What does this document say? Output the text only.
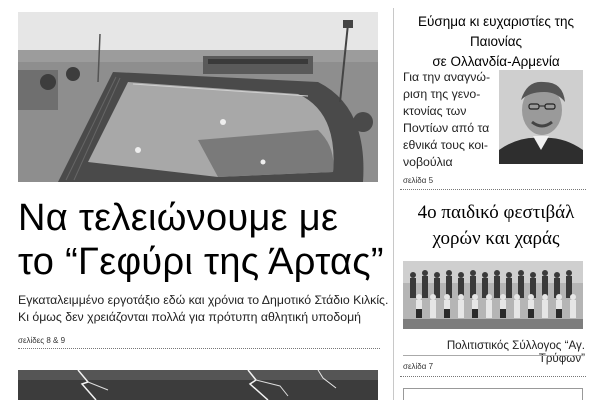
Να τελειώνουμε με
το “Γεφύρι της Άρτας”
Εγκαταλειμμένο εργοτάξιο εδώ και χρόνια το Δημοτικό Στάδιο Κιλκίς.
Κι όμως δεν χρειάζονται πολλά για πρότυπη αθλητική υποδομή
σελίδες 8 & 9
Εύσημα κι ευχαριστίες της Παιονίας
σε Ολλανδία-Αρμενία
Για την αναγνώ-
ριση της γενο-
κτονίας των
Ποντίων από τα
εθνικά τους κοι-
νοβούλια
σελίδα 5
4ο παιδικό φεστιβάλ
χορών και χαράς
Πολιτιστικός Σύλλογος “Αγ. Τρύφων”
σελίδα 7
